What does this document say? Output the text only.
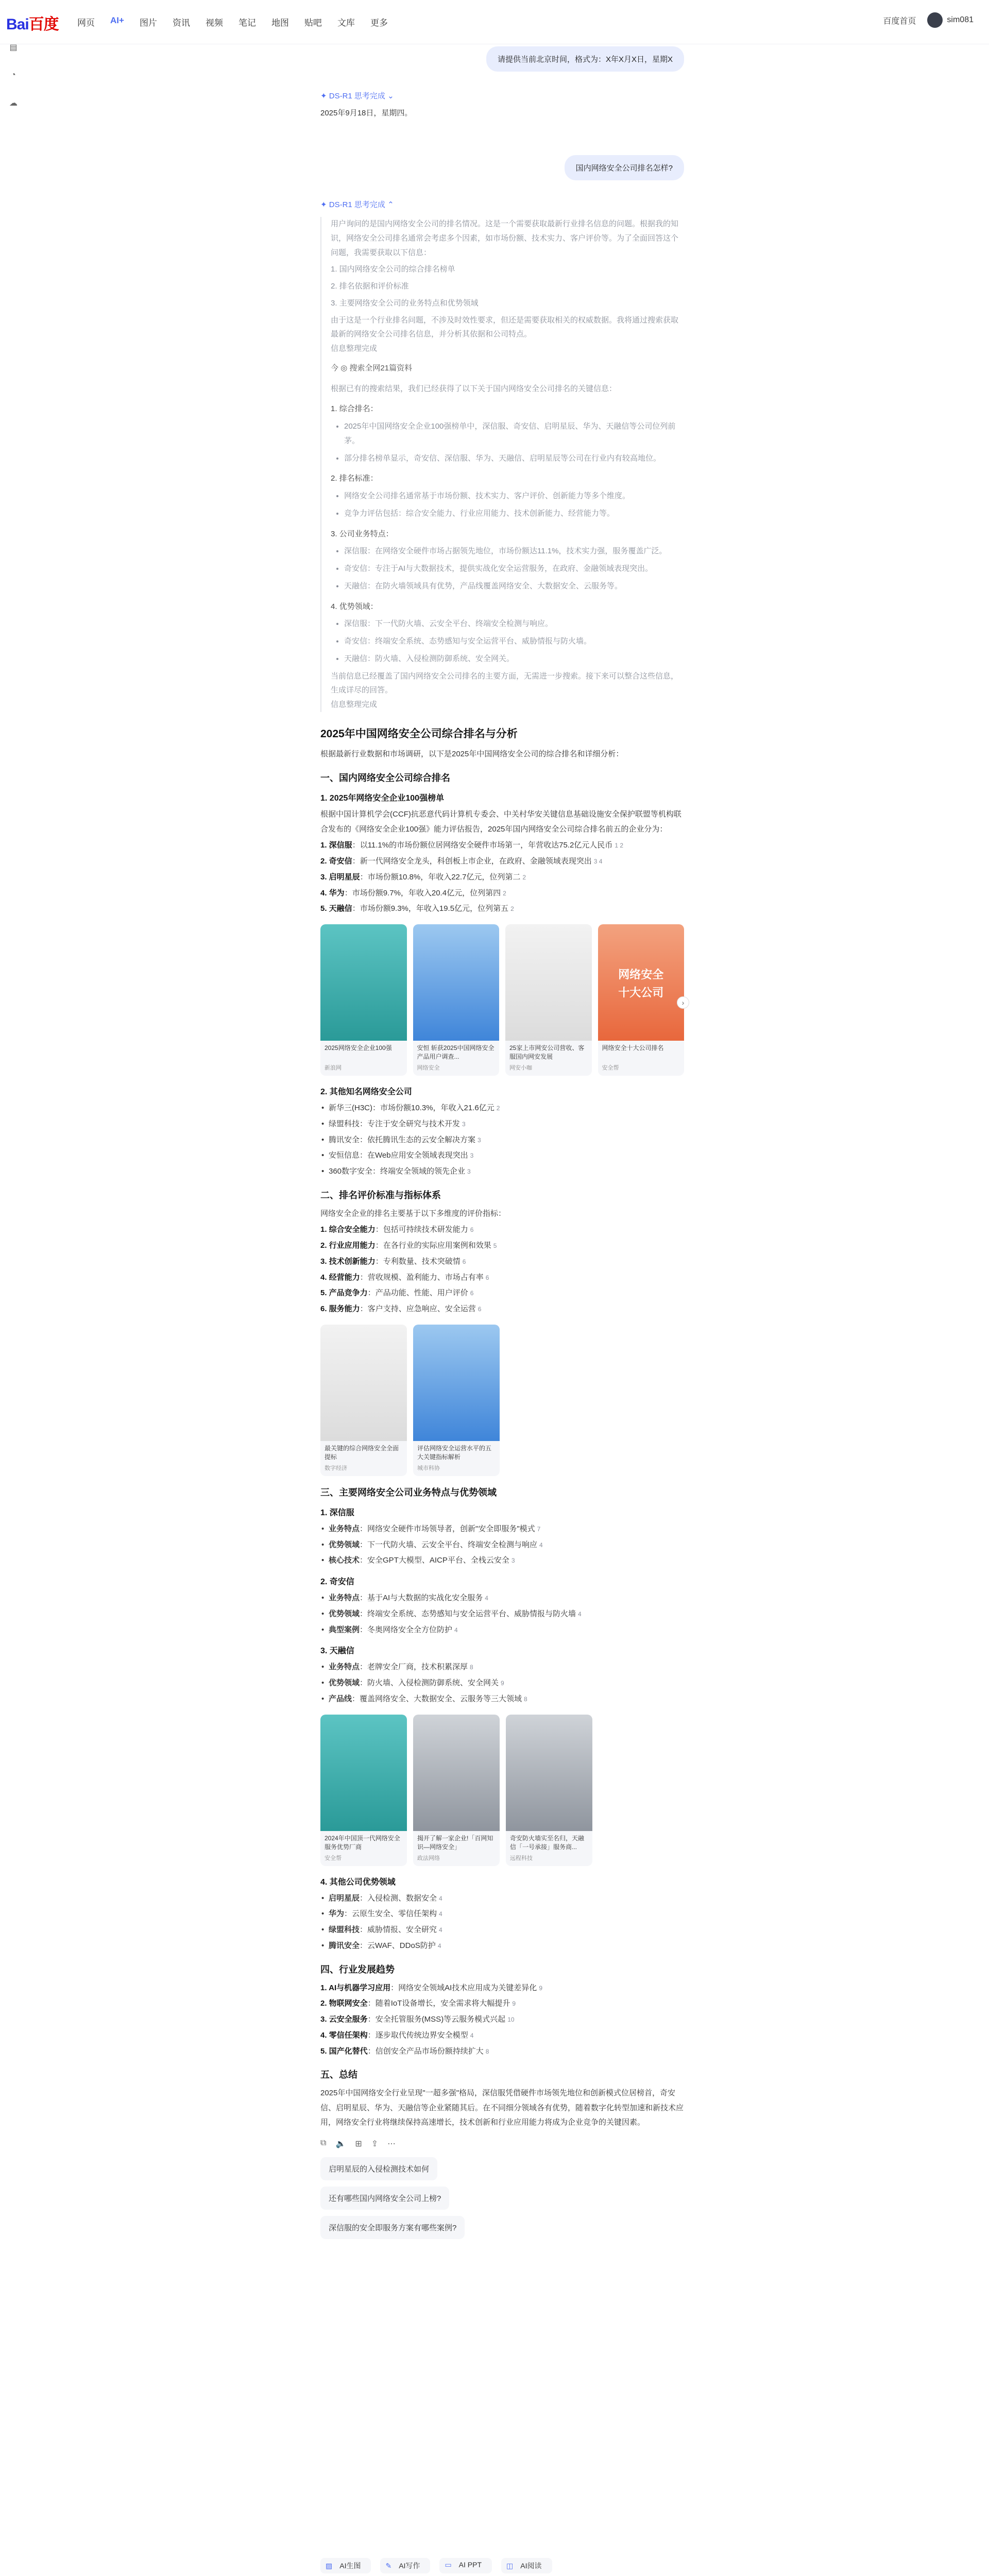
Bai百度 网页 AI+ 图片 资讯 视频 笔记 地图 贴吧 文库 更多	百度首页	sim081
▤
◔
☁
请提供当前北京时间，格式为：X年X月X日，星期X
✦ DS-R1 思考完成 ⌄
2025年9月18日，星期四。
国内网络安全公司排名怎样?
✦ DS-R1 思考完成 ⌃
用户询问的是国内网络安全公司的排名情况。这是一个需要获取最新行业排名信息的问题。根据我的知识，网络安全公司排名通常会考虑多个因素，如市场份额、技术实力、客户评价等。为了全面回答这个问题，我需要获取以下信息：
1. 国内网络安全公司的综合排名榜单
2. 排名依据和评价标准
3. 主要网络安全公司的业务特点和优势领域
由于这是一个行业排名问题，不涉及时效性要求，但还是需要获取相关的权威数据。我将通过搜索获取最新的网络安全公司排名信息，并分析其依据和公司特点。
信息整理完成
今 ◎ 搜索全网21篇资料
根据已有的搜索结果，我们已经获得了以下关于国内网络安全公司排名的关键信息：
1. 综合排名：
• 2025年中国网络安全企业100强榜单中，深信服、奇安信、启明星辰、华为、天融信等公司位列前茅。
• 部分排名榜单显示，奇安信、深信服、华为、天融信、启明星辰等公司在行业内有较高地位。
2. 排名标准：
• 网络安全公司排名通常基于市场份额、技术实力、客户评价、创新能力等多个维度。
• 竞争力评估包括：综合安全能力、行业应用能力、技术创新能力、经营能力等。
3. 公司业务特点：
• 深信服：在网络安全硬件市场占据领先地位，市场份额达11.1%，技术实力强，服务覆盖广泛。
• 奇安信：专注于AI与大数据技术，提供实战化安全运营服务，在政府、金融领域表现突出。
• 天融信：在防火墙领域具有优势，产品线覆盖网络安全、大数据安全、云服务等。
4. 优势领域：
• 深信服：下一代防火墙、云安全平台、终端安全检测与响应。
• 奇安信：终端安全系统、态势感知与安全运营平台、威胁情报与防火墙。
• 天融信：防火墙、入侵检测防御系统、安全网关。
当前信息已经覆盖了国内网络安全公司排名的主要方面，无需进一步搜索。接下来可以整合这些信息，生成详尽的回答。
信息整理完成
2025年中国网络安全公司综合排名与分析
根据最新行业数据和市场调研，以下是2025年中国网络安全公司的综合排名和详细分析：
一、国内网络安全公司综合排名
1. 2025年网络安全企业100强榜单
根据中国计算机学会(CCF)抗恶意代码计算机专委会、中关村华安关键信息基础设施安全保护联盟等机构联合发布的《网络安全企业100强》能力评估报告，2025年国内网络安全公司综合排名前五的企业分为：
1. 深信服：以11.1%的市场份额位居网络安全硬件市场第一，年营收达75.2亿元人民币 1 2
2. 奇安信：新一代网络安全龙头，科创板上市企业，在政府、金融领域表现突出 3 4
3. 启明星辰：市场份额10.8%，年收入22.7亿元，位列第二 2
4. 华为：市场份额9.7%，年收入20.4亿元，位列第四 2
5. 天融信：市场份额9.3%，年收入19.5亿元，位列第五 2
2025网络安全企业100强
新浪网
安恒 斩获2025中国网络安全产品用户调查...
网络安全
25家上市网安公司营收、客服国内网安发展
网安小咖
网络安全
十大公司
网络安全十大公司排名
安全帮
›
2. 其他知名网络安全公司
• 新华三(H3C)：市场份额10.3%，年收入21.6亿元 2
• 绿盟科技：专注于安全研究与技术开发 3
• 腾讯安全：依托腾讯生态的云安全解决方案 3
• 安恒信息：在Web应用安全领域表现突出 3
• 360数字安全：终端安全领域的领先企业 3
二、排名评价标准与指标体系
网络安全企业的排名主要基于以下多维度的评价指标：
1. 综合安全能力：包括可持续技术研发能力 6
2. 行业应用能力：在各行业的实际应用案例和效果 5
3. 技术创新能力：专利数量、技术突破情 6
4. 经营能力：营收规模、盈利能力、市场占有率 6
5. 产品竞争力：产品功能、性能、用户评价 6
6. 服务能力：客户支持、应急响应、安全运营 6
最关键的综合网络安全全面提标
数字经济
评估网络安全运营水平的五大关键指标解析
城市科协
三、主要网络安全公司业务特点与优势领域
1. 深信服
• 业务特点：网络安全硬件市场领导者，创新"安全即服务"模式 7
• 优势领域：下一代防火墙、云安全平台、终端安全检测与响应 4
• 核心技术：安全GPT大模型、AICP平台、全栈云安全 3
2. 奇安信
• 业务特点：基于AI与大数据的实战化安全服务 4
• 优势领域：终端安全系统、态势感知与安全运营平台、威胁情报与防火墙 4
• 典型案例：冬奥网络安全全方位防护 4
3. 天融信
• 业务特点：老牌安全厂商，技术积累深厚 8
• 优势领域：防火墙、入侵检测防御系统、安全网关 9
• 产品线：覆盖网络安全、大数据安全、云服务等三大领域 8
2024年中国顶一代网络安全服务优势厂商
安全帮
揭开了解一家企业!「百网知识—网络安全」
政法网络
奇安防火墙实至名归，天融信「一号承接」服务商...
远程科技
4. 其他公司优势领域
• 启明星辰：入侵检测、数据安全 4
• 华为：云原生安全、零信任架构 4
• 绿盟科技：威胁情报、安全研究 4
• 腾讯安全：云WAF、DDoS防护 4
四、行业发展趋势
1. AI与机器学习应用：网络安全领域AI技术应用成为关键差异化 9
2. 物联网安全：随着IoT设备增长，安全需求将大幅提升 9
3. 云安全服务：安全托管服务(MSS)等云服务模式兴起 10
4. 零信任架构：逐步取代传统边界安全模型 4
5. 国产化替代：信创安全产品市场份额持续扩大 8
五、总结
2025年中国网络安全行业呈现"一超多强"格局，深信服凭借硬件市场领先地位和创新模式位居榜首，奇安信、启明星辰、华为、天融信等企业紧随其后。在不同细分领域各有优势，随着数字化转型加速和新技术应用，网络安全行业将继续保持高速增长，技术创新和行业应用能力将成为企业竞争的关键因素。
⧉ 🔈 ⊞ ⇪ ⋯
启明星辰的入侵检测技术如何
还有哪些国内网络安全公司上榜?
深信服的安全即服务方案有哪些案例?
▨ AI生图	✎ AI写作	▭ AI PPT	◫ AI阅读
